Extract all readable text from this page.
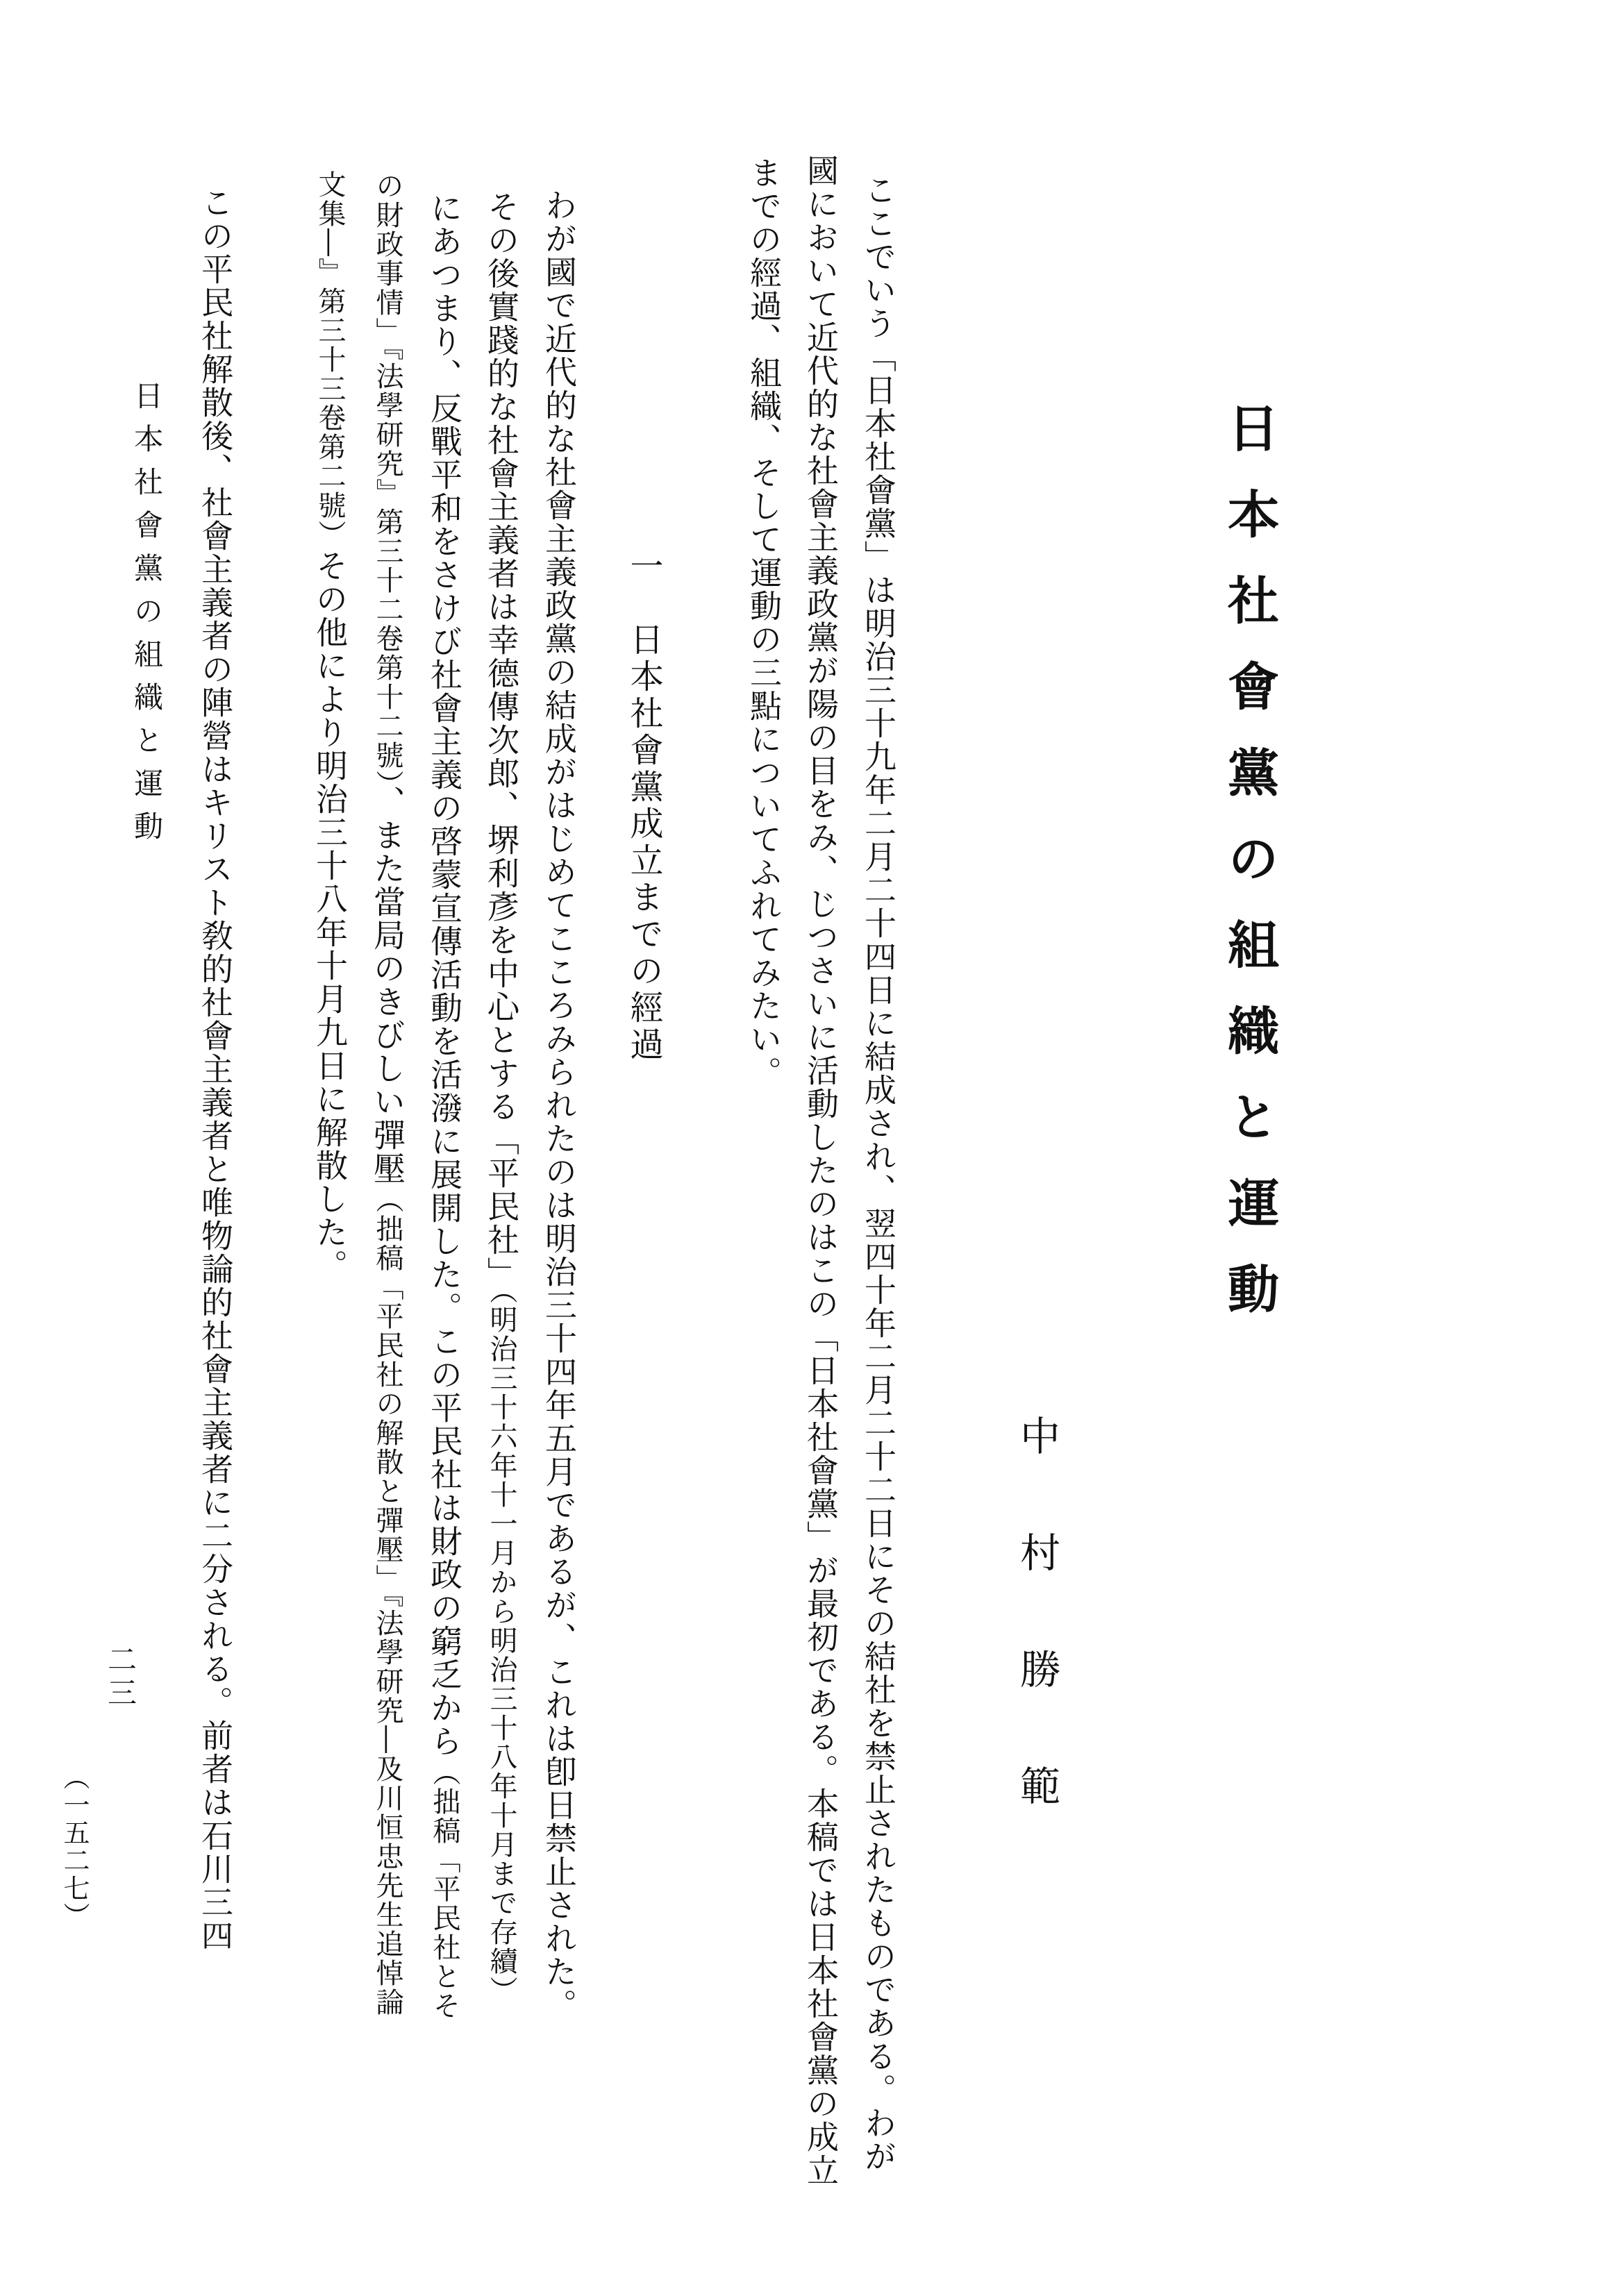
日本社會黨の組織と運動
中村勝範
ここでいう「日本社會黨」は明治三十九年二月二十四日に結成され、翌四十年二月二十二日にその結社を禁止されたものである。わが
國において近代的な社會主義政黨が陽の目をみ、じつさいに活動したのはこの「日本社會黨」が最初である。本稿では日本社會黨の成立
までの經過、組織、そして運動の三點についてふれてみたい。
一　日本社會黨成立までの經過
わが國で近代的な社會主義政黨の結成がはじめてこころみられたのは明治三十四年五月であるが、これは卽日禁止された。
その後實踐的な社會主義者は幸德傳次郞、堺利彥を中心とする「平民社」（明治三十六年十一月から明治三十八年十月まで存續）
にあつまり、反戰平和をさけび社會主義の啓蒙宣傳活動を活潑に展開した。この平民社は財政の窮乏から（拙稿「平民社とそ
の財政事情」『法學研究』第三十二卷第十二號）、また當局のきびしい彈壓（拙稿「平民社の解散と彈壓」『法學研究―及川恒忠先生追悼論
文集―』第三十三卷第二號）その他により明治三十八年十月九日に解散した。
この平民社解散後、社會主義者の陣營はキリスト敎的社會主義者と唯物論的社會主義者に二分される。前者は石川三四
日本社會黨の組織と運動
二三
（一五二七）
